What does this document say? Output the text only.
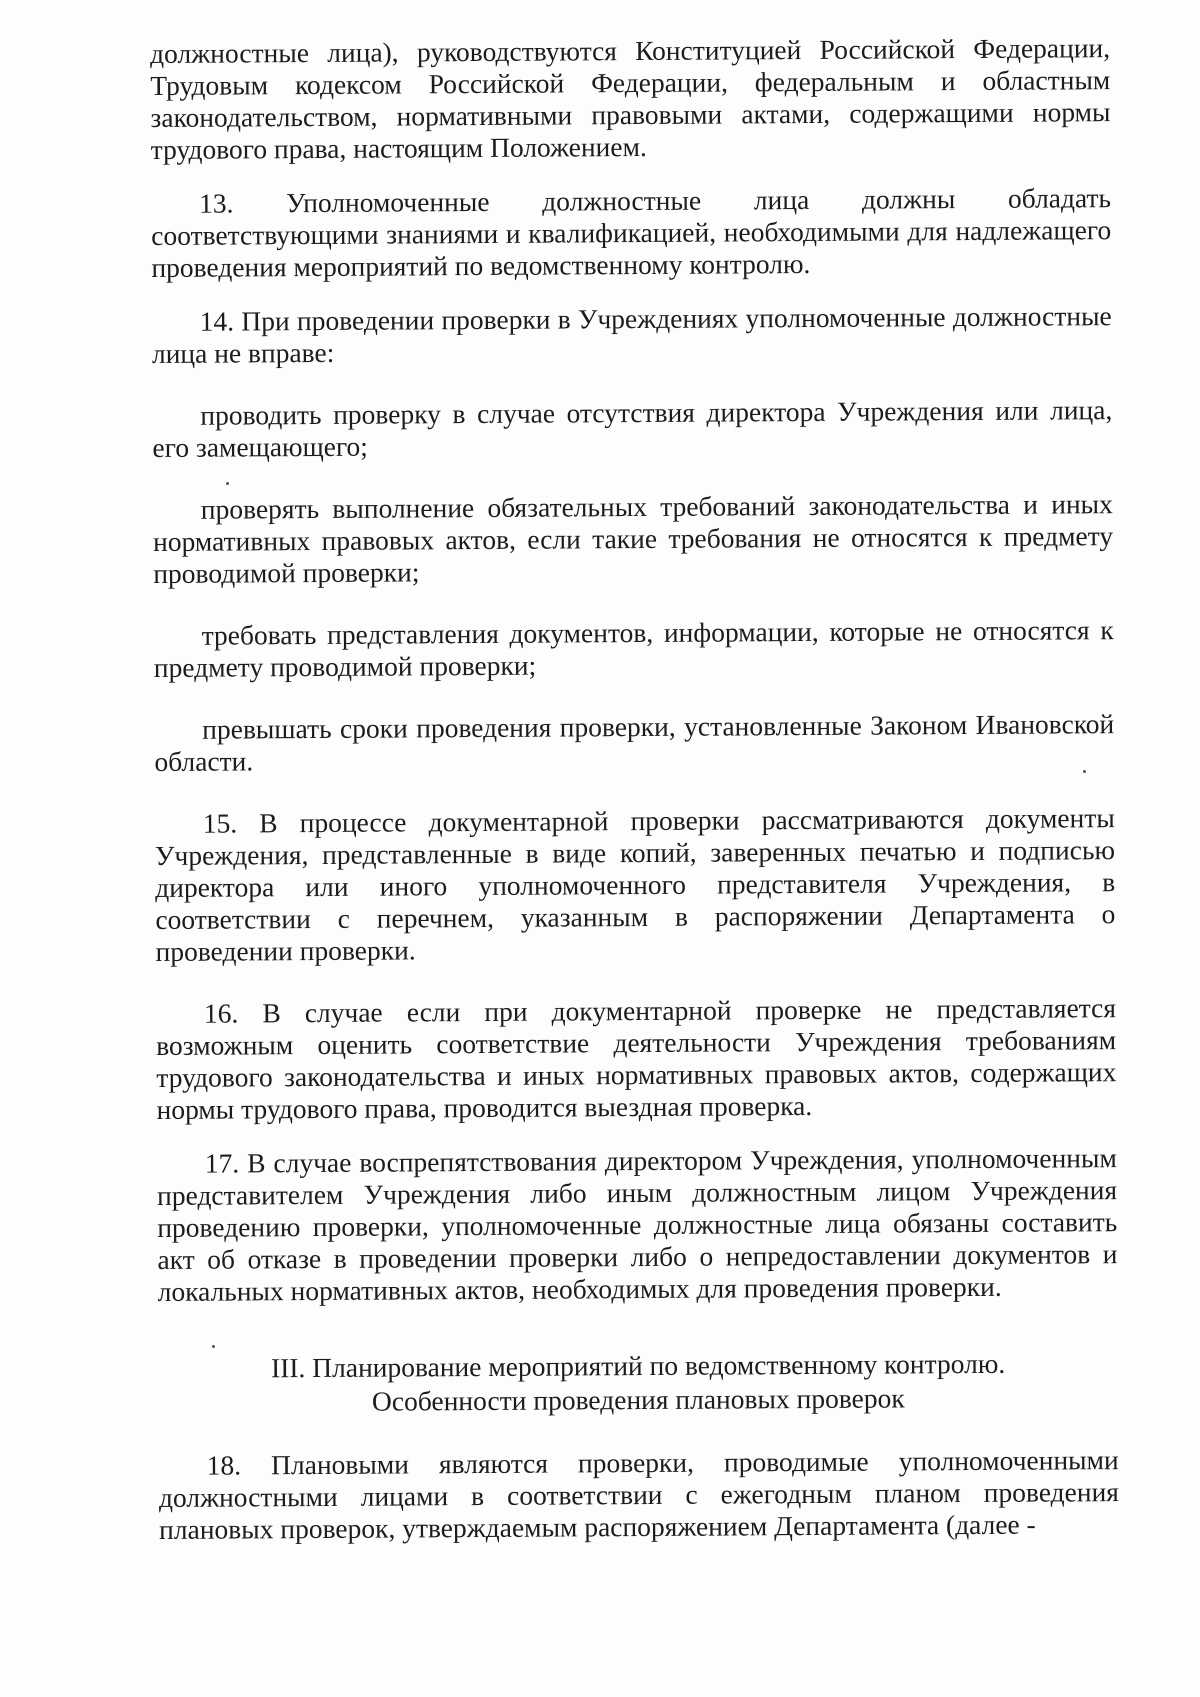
должностные лица), руководствуются Конституцией Российской Федерации, Трудовым кодексом Российской Федерации, федеральным и областным законодательством, нормативными правовыми актами, содержащими нормы трудового права, настоящим Положением.

13. Уполномоченные должностные лица должны обладать соответствующими знаниями и квалификацией, необходимыми для надлежащего проведения мероприятий по ведомственному контролю.

14. При проведении проверки в Учреждениях уполномоченные должностные лица не вправе:

проводить проверку в случае отсутствия директора Учреждения или лица, его замещающего;

проверять выполнение обязательных требований законодательства и иных нормативных правовых актов, если такие требования не относятся к предмету проводимой проверки;

требовать представления документов, информации, которые не относятся к предмету проводимой проверки;

превышать сроки проведения проверки, установленные Законом Ивановской области.

15. В процессе документарной проверки рассматриваются документы Учреждения, представленные в виде копий, заверенных печатью и подписью директора или иного уполномоченного представителя Учреждения, в соответствии с перечнем, указанным в распоряжении Департамента о проведении проверки.

16. В случае если при документарной проверке не представляется возможным оценить соответствие деятельности Учреждения требованиям трудового законодательства и иных нормативных правовых актов, содержащих нормы трудового права, проводится выездная проверка.

17. В случае воспрепятствования директором Учреждения, уполномоченным представителем Учреждения либо иным должностным лицом Учреждения проведению проверки, уполномоченные должностные лица обязаны составить акт об отказе в проведении проверки либо о непредоставлении документов и локальных нормативных актов, необходимых для проведения проверки.

III. Планирование мероприятий по ведомственному контролю.
Особенности проведения плановых проверок

18. Плановыми являются проверки, проводимые уполномоченными должностными лицами в соответствии с ежегодным планом проведения плановых проверок, утверждаемым распоряжением Департамента (далее -
